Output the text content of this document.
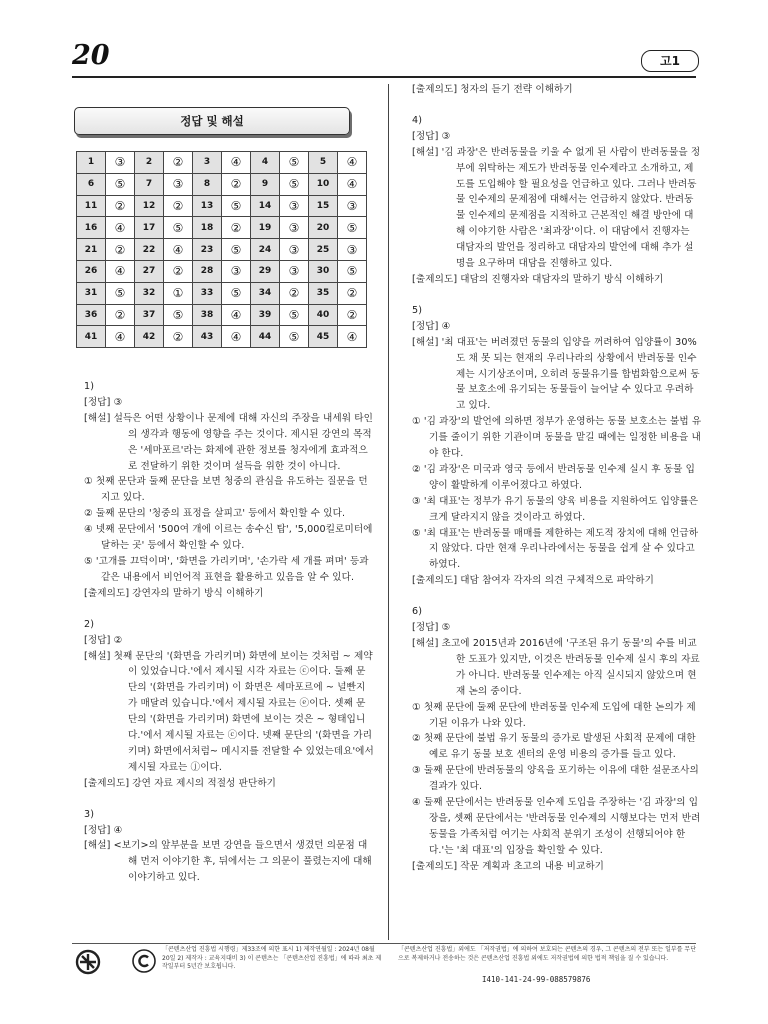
20	고1
정답 및 해설
1	③	2	②	3	④	4	⑤	5	④
6	⑤	7	③	8	②	9	⑤	10	④
11	②	12	②	13	⑤	14	③	15	③
16	④	17	⑤	18	②	19	③	20	⑤
21	②	22	④	23	⑤	24	③	25	③
26	④	27	②	28	③	29	③	30	⑤
31	⑤	32	①	33	⑤	34	②	35	②
36	②	37	⑤	38	④	39	⑤	40	②
41	④	42	②	43	④	44	⑤	45	④
1)
[정답] ③
[해설] 설득은 어떤 상황이나 문제에 대해 자신의 주장을 내세워 타인의 생각과 행동에 영향을 주는 것이다. 제시된 강연의 목적은 '세마포르'라는 화제에 관한 정보를 청자에게 효과적으로 전달하기 위한 것이며 설득을 위한 것이 아니다.
① 첫째 문단과 둘째 문단을 보면 청중의 관심을 유도하는 질문을 던지고 있다.
② 둘째 문단의 '청중의 표정을 살피고' 등에서 확인할 수 있다.
④ 넷째 문단에서 '500여 개에 이르는 송수신 탑', '5,000킬로미터에 달하는 곳' 등에서 확인할 수 있다.
⑤ '고개를 끄덕이며', '화면을 가리키며', '손가락 세 개를 펴며' 등과 같은 내용에서 비언어적 표현을 활용하고 있음을 알 수 있다.
[출제의도] 강연자의 말하기 방식 이해하기
2)
[정답] ②
[해설] 첫째 문단의 '(화면을 가리키며) 화면에 보이는 것처럼 ~ 제약이 있었습니다.'에서 제시될 시각 자료는 ⓒ이다. 둘째 문단의 '(화면을 가리키며) 이 화면은 세마포르에 ~ 널빤지가 매달려 있습니다.'에서 제시될 자료는 ⓔ이다. 셋째 문단의 '(화면을 가리키며) 화면에 보이는 것은 ~ 형태입니다.'에서 제시될 자료는 ⓒ이다. 넷째 문단의 '(화면을 가리키며) 화면에서처럼~ 메시지를 전달할 수 있었는데요'에서 제시될 자료는 ⓙ이다.
[출제의도] 강연 자료 제시의 적절성 판단하기
3)
[정답] ④
[해설] <보기>의 앞부분을 보면 강연을 들으면서 생겼던 의문점 대해 먼저 이야기한 후, 뒤에서는 그 의문이 풀렸는지에 대해 이야기하고 있다.
[출제의도] 청자의 듣기 전략 이해하기
4)
[정답] ③
[해설] '김 과장'은 반려동물을 키울 수 없게 된 사람이 반려동물을 정부에 위탁하는 제도가 반려동물 인수제라고 소개하고, 제도를 도입해야 할 필요성을 언급하고 있다. 그러나 반려동물 인수제의 문제점에 대해서는 언급하지 않았다. 반려동물 인수제의 문제점을 지적하고 근본적인 해결 방안에 대해 이야기한 사람은 '최과장'이다. 이 대담에서 진행자는 대담자의 발언을 정리하고 대담자의 발언에 대해 추가 설명을 요구하며 대담을 진행하고 있다.
[출제의도] 대담의 진행자와 대담자의 말하기 방식 이해하기
5)
[정답] ④
[해설] '최 대표'는 버려졌던 동물의 입양을 꺼려하여 입양률이 30%도 채 못 되는 현재의 우리나라의 상황에서 반려동물 인수제는 시기상조이며, 오히려 동물유기를 합법화함으로써 동물 보호소에 유기되는 동물들이 늘어날 수 있다고 우려하고 있다.
① '김 과장'의 발언에 의하면 정부가 운영하는 동물 보호소는 불법 유기를 줄이기 위한 기관이며 동물을 맡길 때에는 일정한 비용을 내야 한다.
② '김 과장'은 미국과 영국 등에서 반려동물 인수제 실시 후 동물 입양이 활발하게 이루어졌다고 하였다.
③ '최 대표'는 정부가 유기 동물의 양육 비용을 지원하여도 입양률은 크게 달라지지 않을 것이라고 하였다.
⑤ '최 대표'는 반려동물 매매를 제한하는 제도적 장치에 대해 언급하지 않았다. 다만 현재 우리나라에서는 동물을 쉽게 살 수 있다고 하였다.
[출제의도] 대담 참여자 각자의 의견 구체적으로 파악하기
6)
[정답] ⑤
[해설] 초고에 2015년과 2016년에 '구조된 유기 동물'의 수를 비교한 도표가 있지만, 이것은 반려동물 인수제 실시 후의 자료가 아니다. 반려동물 인수제는 아직 실시되지 않았으며 현재 논의 중이다.
① 첫째 문단에 둘째 문단에 반려동물 인수제 도입에 대한 논의가 제기된 이유가 나와 있다.
② 첫째 문단에 불법 유기 동물의 증가로 발생된 사회적 문제에 대한 예로 유기 동물 보호 센터의 운영 비용의 증가를 들고 있다.
③ 둘째 문단에 반려동물의 양육을 포기하는 이유에 대한 설문조사의 결과가 있다.
④ 둘째 문단에서는 반려동물 인수제 도입을 주장하는 '김 과장'의 입장을, 셋째 문단에서는 '반려동물 인수제의 시행보다는 먼저 반려동물을 가족처럼 여기는 사회적 분위기 조성이 선행되어야 한다.'는 '최 대표'의 입장을 확인할 수 있다.
[출제의도] 작문 계획과 초고의 내용 비교하기
「콘텐츠산업 진흥법 시행령」제33조에 의한 표시 1) 제작연월일 : 2024년 08월 20일 2) 제작자 : 교육지대비 3) 이 콘텐츠는 「콘텐츠산업 진흥법」에 따라 최초 제작일부터 5년간 보호됩니다.
「콘텐츠산업 진흥법」외에도 「저작권법」에 의하여 보호되는 콘텐츠의 경우, 그 콘텐츠의 전부 또는 일부를 무단으로 복제하거나 전송하는 것은 콘텐츠산업 진흥법 외에도 저작권법에 의한 법적 책임을 질 수 있습니다.
I410-141-24-99-088579876
